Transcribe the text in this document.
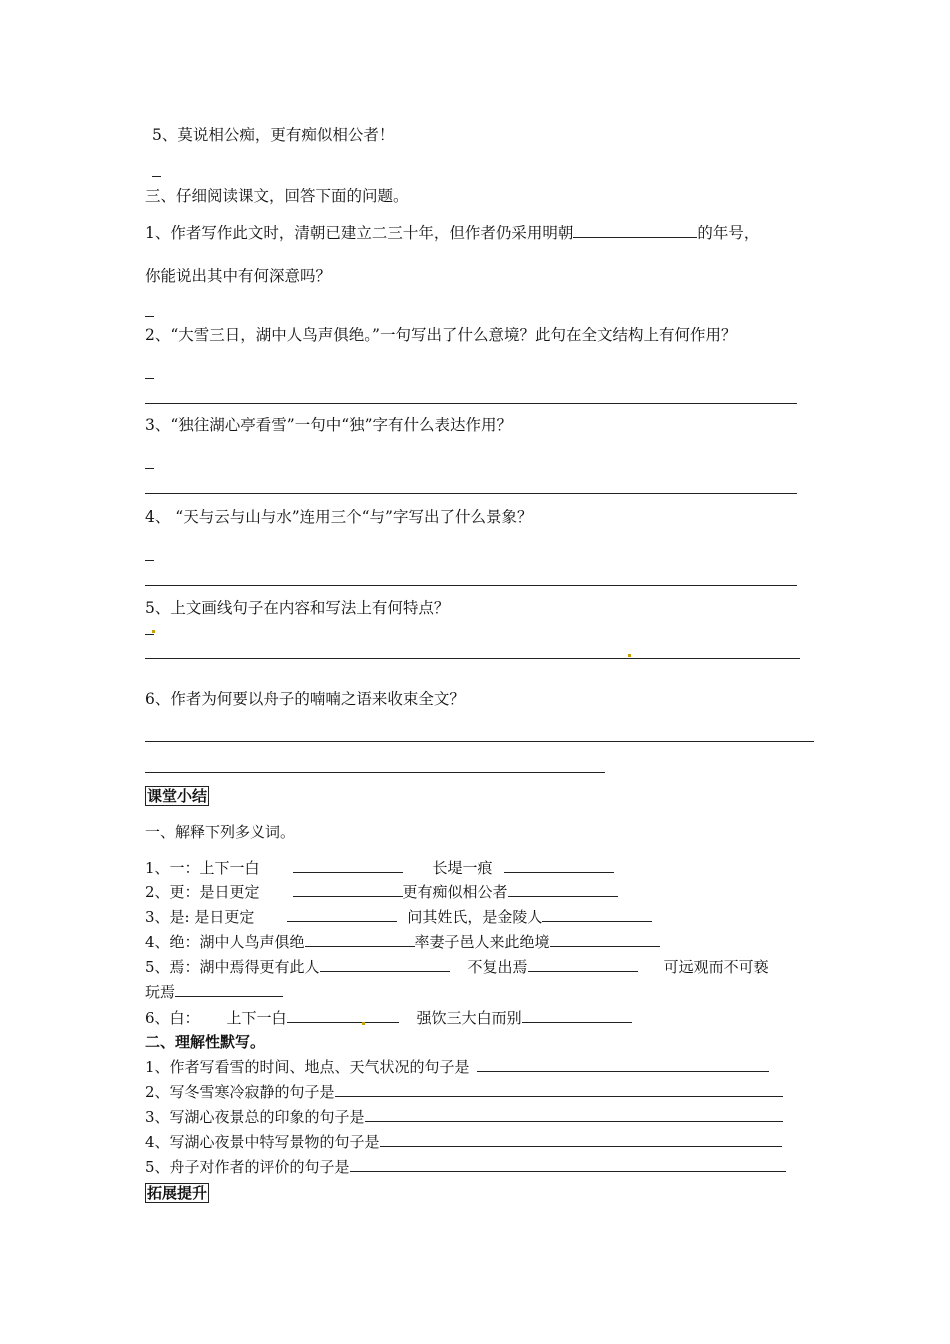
5、莫说相公痴，更有痴似相公者！
三、仔细阅读课文，回答下面的问题。
1、作者写作此文时，清朝已建立二三十年，但作者仍采用明朝	的年号，
你能说出其中有何深意吗？
2、“大雪三日，湖中人鸟声俱绝。”一句写出了什么意境？此句在全文结构上有何作用？
3、“独往湖心亭看雪”一句中“独”字有什么表达作用？
4、 “天与云与山与水”连用三个“与”字写出了什么景象？
5、上文画线句子在内容和写法上有何特点？
6、作者为何要以舟子的喃喃之语来收束全文？
课堂小结
一、解释下列多义词。
1、一：上下一白	长堤一痕
2、更：是日更定	更有痴似相公者
3、是: 是日更定	问其姓氏，是金陵人
4、绝：湖中人鸟声俱绝	率妻子邑人来此绝境
5、焉：湖中焉得更有此人	不复出焉	可远观而不可亵
玩焉
6、白： 上下一白	强饮三大白而别
二、理解性默写。
1、作者写看雪的时间、地点、天气状况的句子是
2、写冬雪寒冷寂静的句子是
3、写湖心夜景总的印象的句子是
4、写湖心夜景中特写景物的句子是
5、舟子对作者的评价的句子是
拓展提升
